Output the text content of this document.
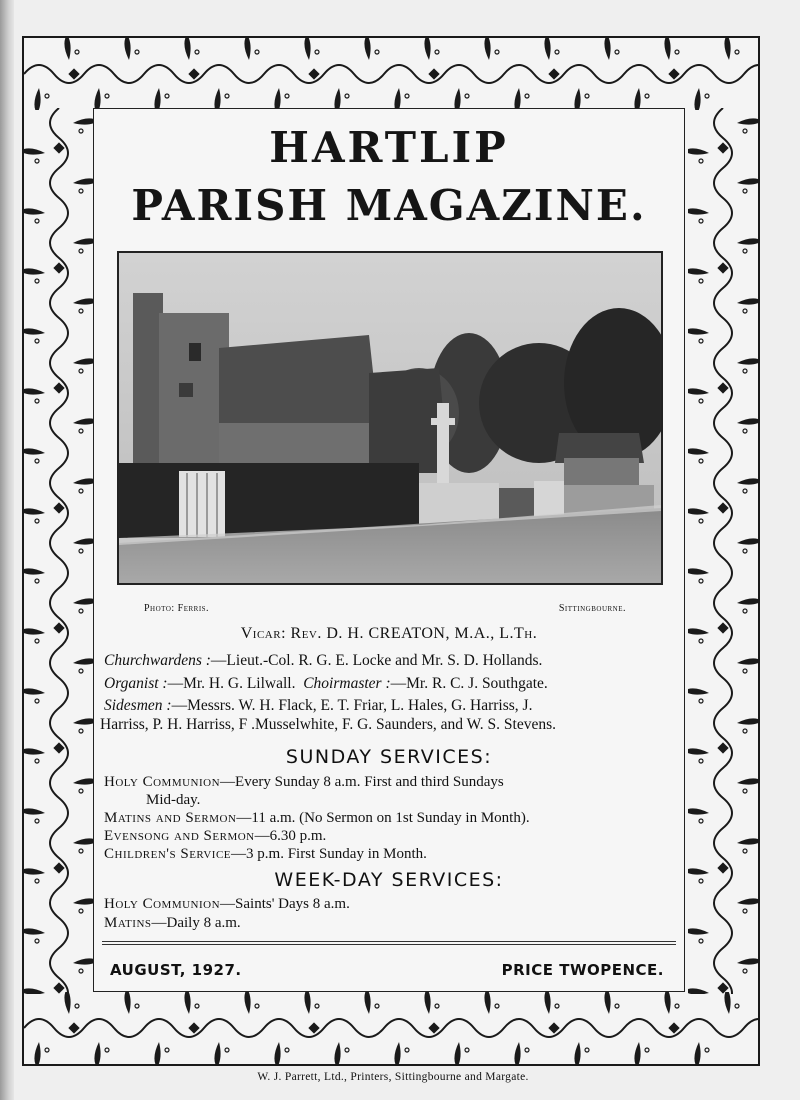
HARTLIP
PARISH MAGAZINE.
Photo: Ferris.	Sittingbourne.
Vicar: Rev. D. H. CREATON, M.A., L.Th.
Churchwardens :—Lieut.-Col. R. G. E. Locke and Mr. S. D. Hollands.
Organist :—Mr. H. G. Lilwall. Choirmaster :—Mr. R. C. J. Southgate.
Sidesmen :—Messrs. W. H. Flack, E. T. Friar, L. Hales, G. Harriss, J.
Harriss, P. H. Harriss, F .Musselwhite, F. G. Saunders, and W. S. Stevens.
SUNDAY SERVICES:
Holy Communion—Every Sunday 8 a.m. First and third Sundays
Mid-day.
Matins and Sermon—11 a.m. (No Sermon on 1st Sunday in Month).
Evensong and Sermon—6.30 p.m.
Children's Service—3 p.m. First Sunday in Month.
WEEK-DAY SERVICES:
Holy Communion—Saints' Days 8 a.m.
Matins—Daily 8 a.m.
AUGUST, 1927.	PRICE TWOPENCE.
W. J. Parrett, Ltd., Printers, Sittingbourne and Margate.
